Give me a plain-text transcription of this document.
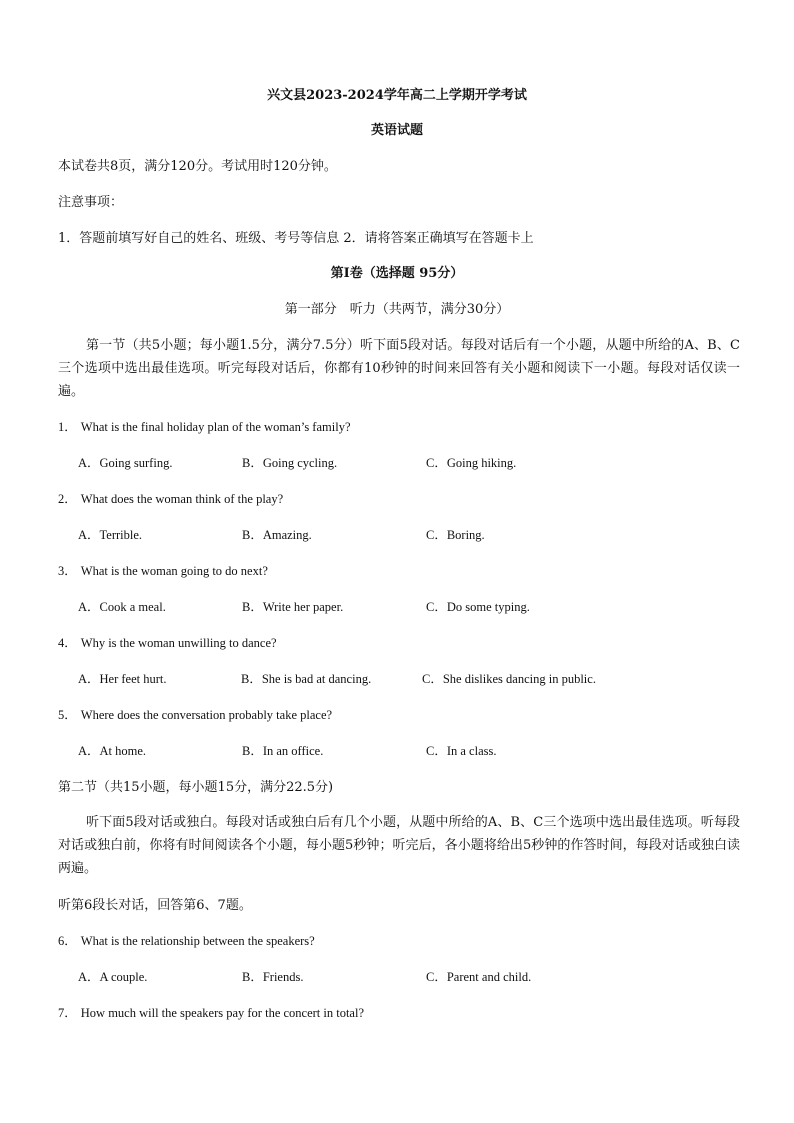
兴文县2023-2024学年高二上学期开学考试
英语试题
本试卷共8页，满分120分。考试用时120分钟。
注意事项：
1．答题前填写好自己的姓名、班级、考号等信息 2．请将答案正确填写在答题卡上
第I卷（选择题 95分）
第一部分　听力（共两节，满分30分）
第一节（共5小题；每小题1.5分，满分7.5分）听下面5段对话。每段对话后有一个小题，从题中所给的A、B、C三个选项中选出最佳选项。听完每段对话后，你都有10秒钟的时间来回答有关小题和阅读下一小题。每段对话仅读一遍。
1． What is the final holiday plan of the woman’s family?
A．Going surfing.	B．Going cycling.	C．Going hiking.
2． What does the woman think of the play?
A．Terrible.	B．Amazing.	C．Boring.
3． What is the woman going to do next?
A．Cook a meal.	B．Write her paper.	C．Do some typing.
4． Why is the woman unwilling to dance?
A．Her feet hurt.	B．She is bad at dancing.	C．She dislikes dancing in public.
5． Where does the conversation probably take place?
A．At home.	B．In an office.	C．In a class.
第二节（共15小题，每小题15分，满分22.5分)
听下面5段对话或独白。每段对话或独白后有几个小题，从题中所给的A、B、C三个选项中选出最佳选项。听每段对话或独白前，你将有时间阅读各个小题，每小题5秒钟；听完后，各小题将给出5秒钟的作答时间，每段对话或独白读两遍。
听第6段长对话，回答第6、7题。
6． What is the relationship between the speakers?
A．A couple.	B．Friends.	C．Parent and child.
7． How much will the speakers pay for the concert in total?
